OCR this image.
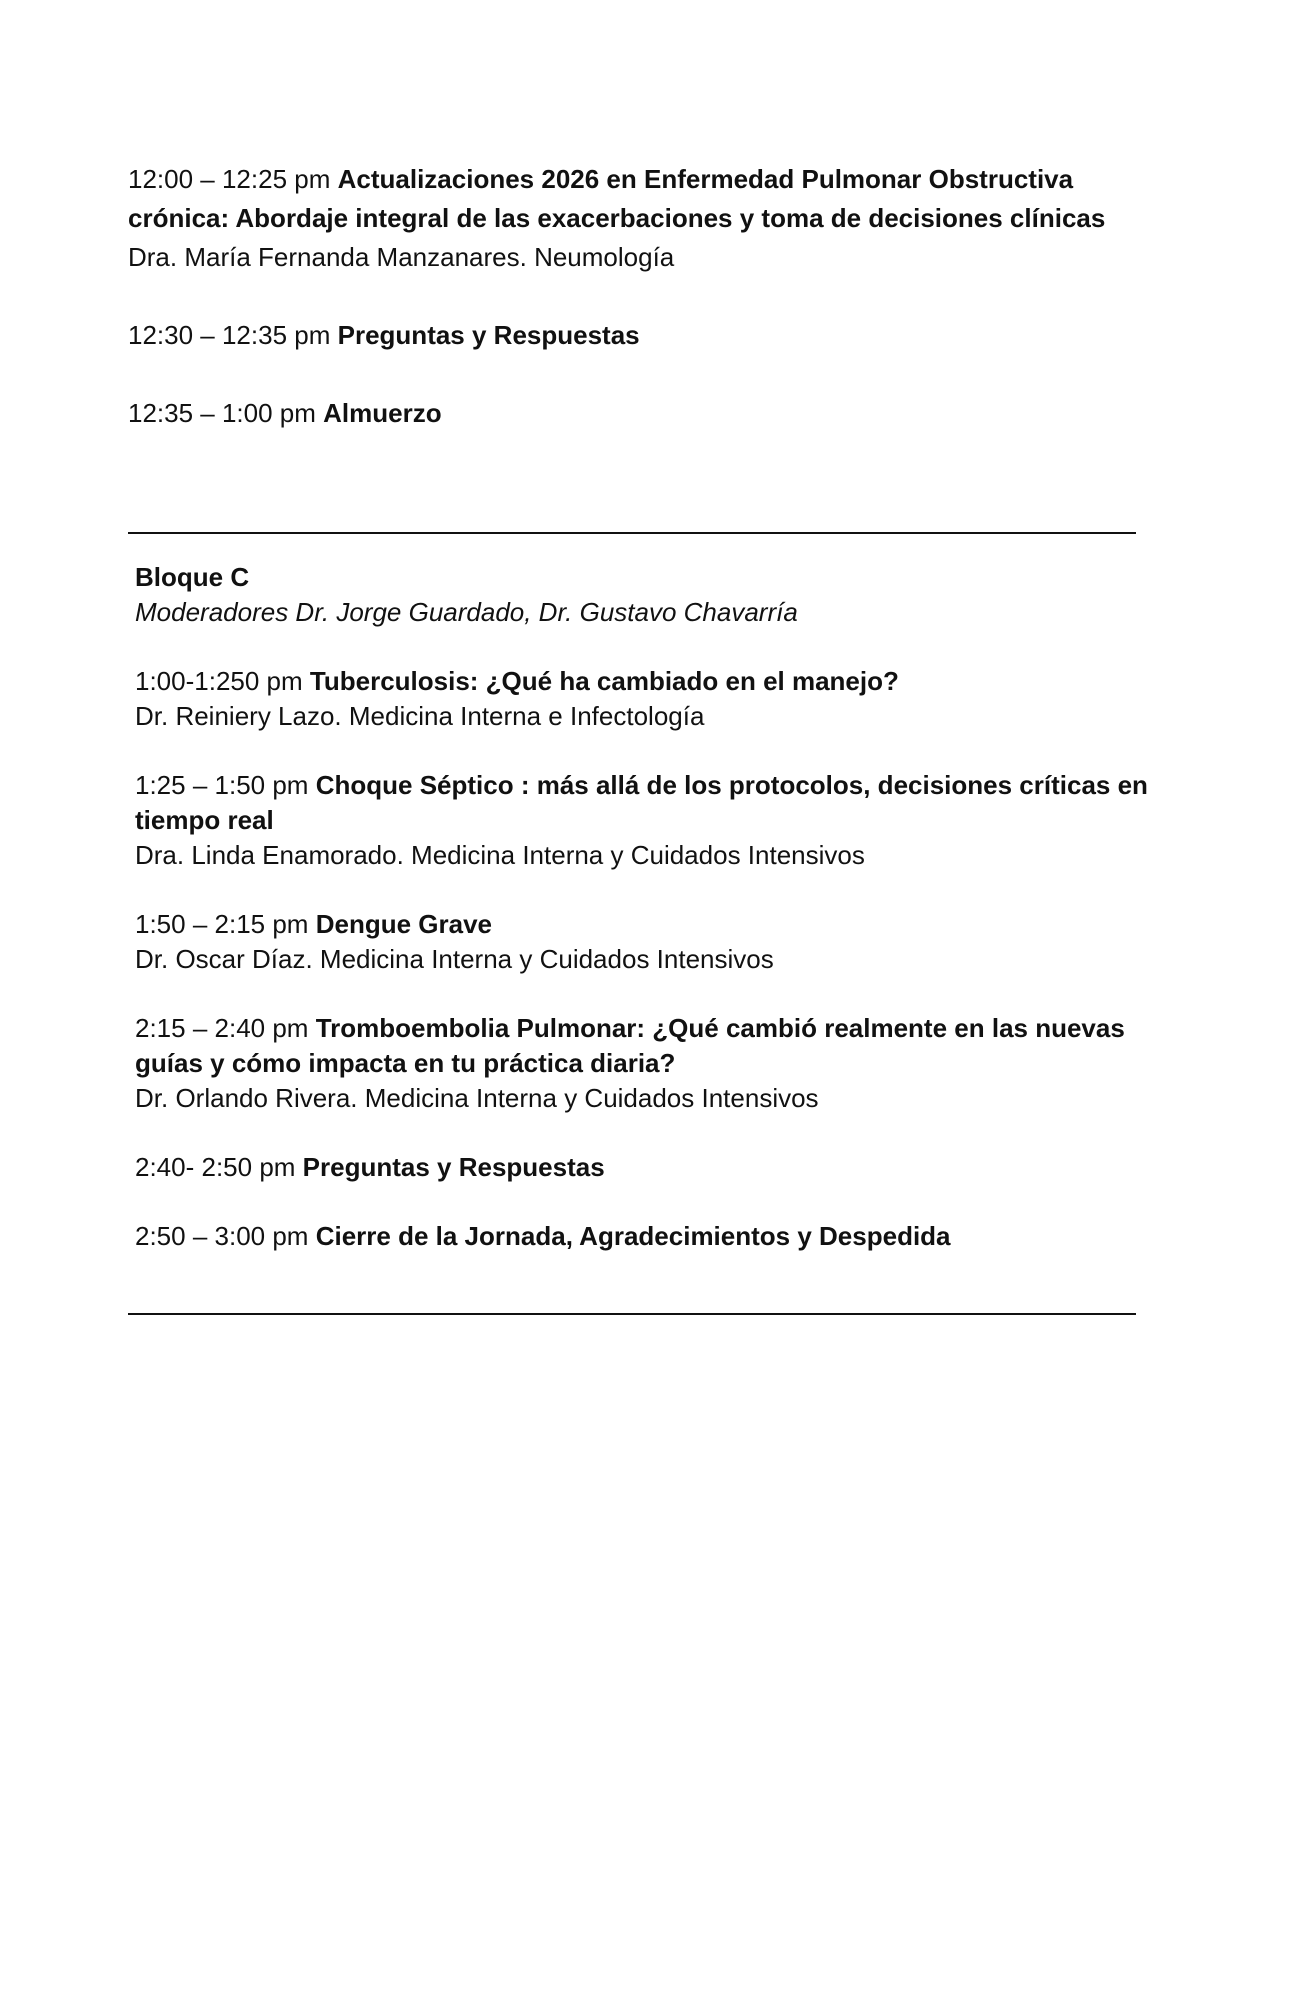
12:00 – 12:25 pm Actualizaciones 2026 en Enfermedad Pulmonar Obstructiva crónica: Abordaje integral de las exacerbaciones y toma de decisiones clínicas
Dra. María Fernanda Manzanares. Neumología
12:30 – 12:35 pm Preguntas y Respuestas
12:35 – 1:00 pm Almuerzo
Bloque C
Moderadores Dr. Jorge Guardado, Dr. Gustavo Chavarría
1:00-1:250 pm Tuberculosis: ¿Qué ha cambiado en el manejo?
Dr. Reiniery Lazo. Medicina Interna e Infectología
1:25 – 1:50 pm Choque Séptico : más allá de los protocolos, decisiones críticas en tiempo real
Dra. Linda Enamorado. Medicina Interna y Cuidados Intensivos
1:50 – 2:15 pm Dengue Grave
Dr. Oscar Díaz. Medicina Interna y Cuidados Intensivos
2:15 – 2:40 pm Tromboembolia Pulmonar: ¿Qué cambió realmente en las nuevas guías y cómo impacta en tu práctica diaria?
Dr. Orlando Rivera. Medicina Interna y Cuidados Intensivos
2:40- 2:50 pm Preguntas y Respuestas
2:50 – 3:00 pm Cierre de la Jornada, Agradecimientos y Despedida
